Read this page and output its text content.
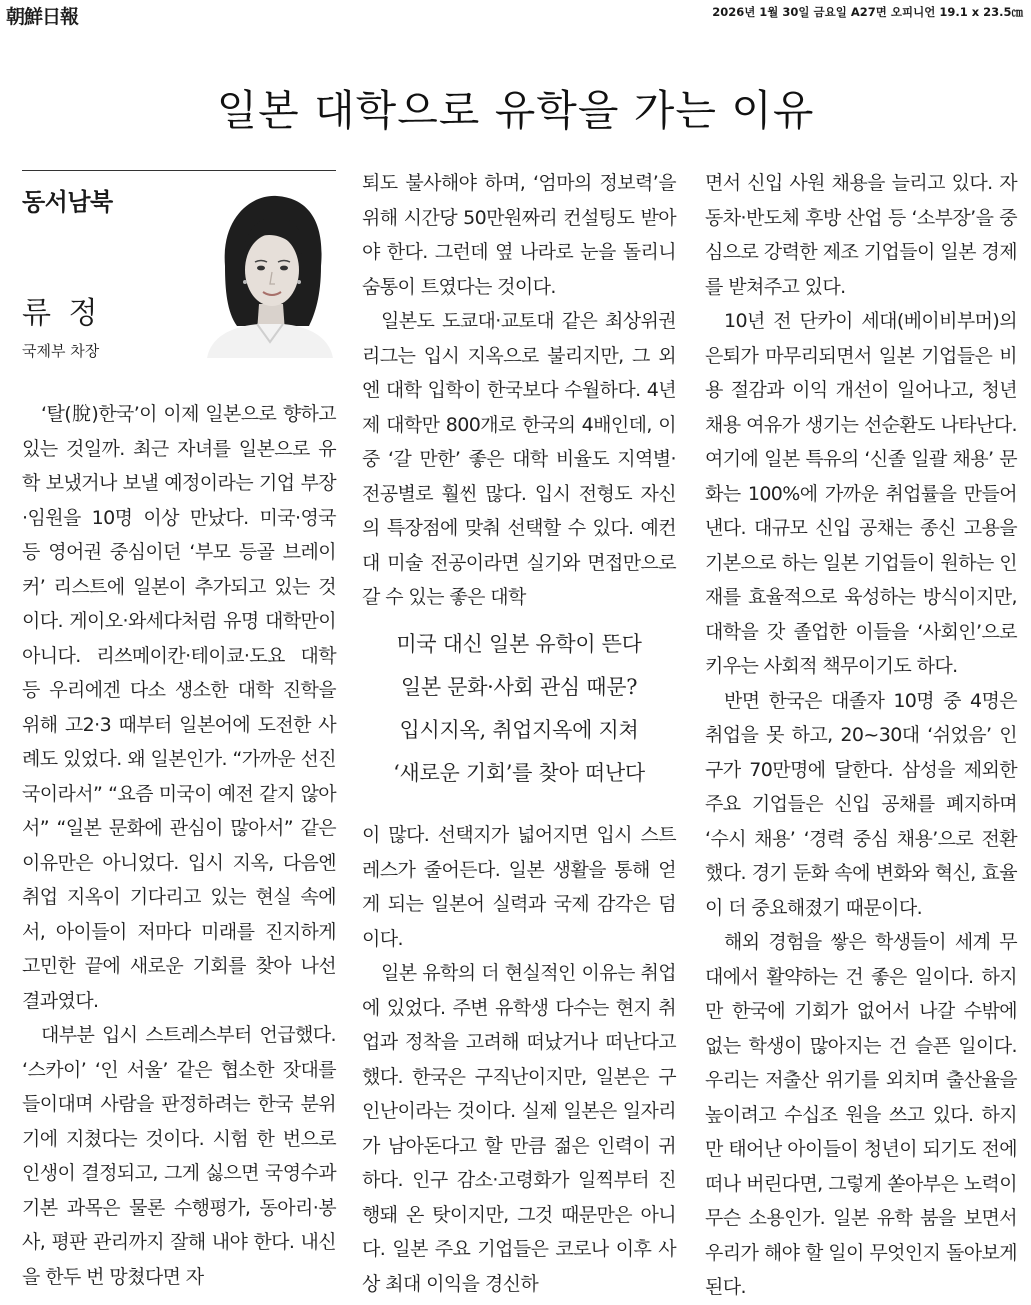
朝鮮日報	2026년 1월 30일 금요일 A27면 오피니언 19.1 x 23.5㎝
일본 대학으로 유학을 가는 이유
동서남북
류 정
국제부 차장

‘탈(脫)한국’이 이제 일본으로 향하고 있는 것일까. 최근 자녀를 일본으로 유학 보냈거나 보낼 예정이라는 기업 부장·임원을 10명 이상 만났다. 미국·영국 등 영어권 중심이던 ‘부모 등골 브레이커’ 리스트에 일본이 추가되고 있는 것이다. 게이오·와세다처럼 유명 대학만이 아니다. 리쓰메이칸·테이쿄·도요 대학 등 우리에겐 다소 생소한 대학 진학을 위해 고2·3 때부터 일본어에 도전한 사례도 있었다. 왜 일본인가. “가까운 선진국이라서” “요즘 미국이 예전 같지 않아서” “일본 문화에 관심이 많아서” 같은 이유만은 아니었다. 입시 지옥, 다음엔 취업 지옥이 기다리고 있는 현실 속에서, 아이들이 저마다 미래를 진지하게 고민한 끝에 새로운 기회를 찾아 나선 결과였다.

대부분 입시 스트레스부터 언급했다. ‘스카이’ ‘인 서울’ 같은 협소한 잣대를 들이대며 사람을 판정하려는 한국 분위기에 지쳤다는 것이다. 시험 한 번으로 인생이 결정되고, 그게 싫으면 국영수과 기본 과목은 물론 수행평가, 동아리·봉사, 평판 관리까지 잘해 내야 한다. 내신을 한두 번 망쳤다면 자

퇴도 불사해야 하며, ‘엄마의 정보력’을 위해 시간당 50만원짜리 컨설팅도 받아야 한다. 그런데 옆 나라로 눈을 돌리니 숨통이 트였다는 것이다.

일본도 도쿄대·교토대 같은 최상위권 리그는 입시 지옥으로 불리지만, 그 외엔 대학 입학이 한국보다 수월하다. 4년제 대학만 800개로 한국의 4배인데, 이 중 ‘갈 만한’ 좋은 대학 비율도 지역별·전공별로 훨씬 많다. 입시 전형도 자신의 특장점에 맞춰 선택할 수 있다. 예컨대 미술 전공이라면 실기와 면접만으로 갈 수 있는 좋은 대학

미국 대신 일본 유학이 뜬다
일본 문화·사회 관심 때문?
입시지옥, 취업지옥에 지쳐
‘새로운 기회’를 찾아 떠난다

이 많다. 선택지가 넓어지면 입시 스트레스가 줄어든다. 일본 생활을 통해 얻게 되는 일본어 실력과 국제 감각은 덤이다.

일본 유학의 더 현실적인 이유는 취업에 있었다. 주변 유학생 다수는 현지 취업과 정착을 고려해 떠났거나 떠난다고 했다. 한국은 구직난이지만, 일본은 구인난이라는 것이다. 실제 일본은 일자리가 남아돈다고 할 만큼 젊은 인력이 귀하다. 인구 감소·고령화가 일찍부터 진행돼 온 탓이지만, 그것 때문만은 아니다. 일본 주요 기업들은 코로나 이후 사상 최대 이익을 경신하

면서 신입 사원 채용을 늘리고 있다. 자동차·반도체 후방 산업 등 ‘소부장’을 중심으로 강력한 제조 기업들이 일본 경제를 받쳐주고 있다.

10년 전 단카이 세대(베이비부머)의 은퇴가 마무리되면서 일본 기업들은 비용 절감과 이익 개선이 일어나고, 청년 채용 여유가 생기는 선순환도 나타난다. 여기에 일본 특유의 ‘신졸 일괄 채용’ 문화는 100%에 가까운 취업률을 만들어 낸다. 대규모 신입 공채는 종신 고용을 기본으로 하는 일본 기업들이 원하는 인재를 효율적으로 육성하는 방식이지만, 대학을 갓 졸업한 이들을 ‘사회인’으로 키우는 사회적 책무이기도 하다.

반면 한국은 대졸자 10명 중 4명은 취업을 못 하고, 20~30대 ‘쉬었음’ 인구가 70만명에 달한다. 삼성을 제외한 주요 기업들은 신입 공채를 폐지하며 ‘수시 채용’ ‘경력 중심 채용’으로 전환했다. 경기 둔화 속에 변화와 혁신, 효율이 더 중요해졌기 때문이다.

해외 경험을 쌓은 학생들이 세계 무대에서 활약하는 건 좋은 일이다. 하지만 한국에 기회가 없어서 나갈 수밖에 없는 학생이 많아지는 건 슬픈 일이다. 우리는 저출산 위기를 외치며 출산율을 높이려고 수십조 원을 쓰고 있다. 하지만 태어난 아이들이 청년이 되기도 전에 떠나 버린다면, 그렇게 쏟아부은 노력이 무슨 소용인가. 일본 유학 붐을 보면서 우리가 해야 할 일이 무엇인지 돌아보게 된다.
